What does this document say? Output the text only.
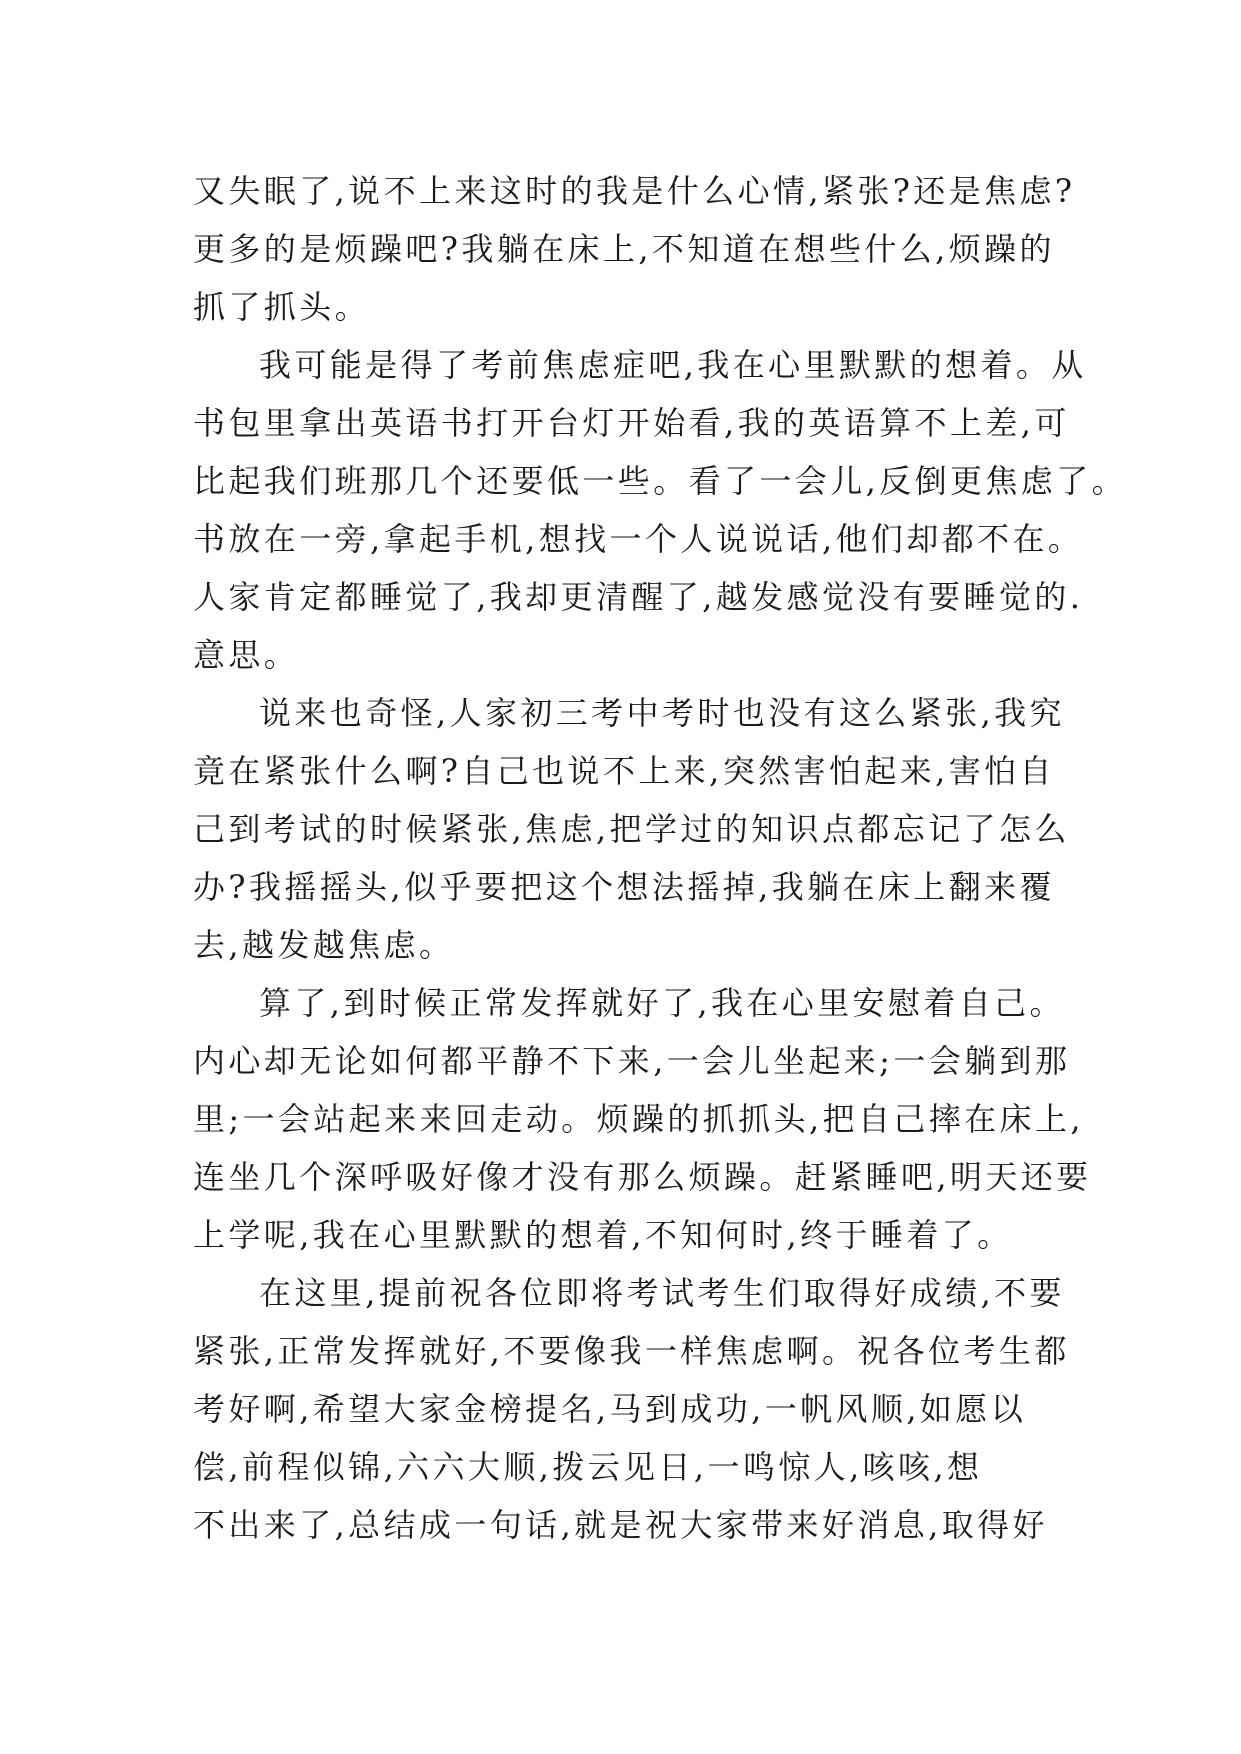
又失眠了,说不上来这时的我是什么心情,紧张?还是焦虑?
更多的是烦躁吧?我躺在床上,不知道在想些什么,烦躁的
抓了抓头。

我可能是得了考前焦虑症吧,我在心里默默的想着。从
书包里拿出英语书打开台灯开始看,我的英语算不上差,可
比起我们班那几个还要低一些。看了一会儿,反倒更焦虑了。
书放在一旁,拿起手机,想找一个人说说话,他们却都不在。
人家肯定都睡觉了,我却更清醒了,越发感觉没有要睡觉的.
意思。

说来也奇怪,人家初三考中考时也没有这么紧张,我究
竟在紧张什么啊?自己也说不上来,突然害怕起来,害怕自
己到考试的时候紧张,焦虑,把学过的知识点都忘记了怎么
办?我摇摇头,似乎要把这个想法摇掉,我躺在床上翻来覆
去,越发越焦虑。

算了,到时候正常发挥就好了,我在心里安慰着自己。
内心却无论如何都平静不下来,一会儿坐起来;一会躺到那
里;一会站起来来回走动。烦躁的抓抓头,把自己摔在床上,
连坐几个深呼吸好像才没有那么烦躁。赶紧睡吧,明天还要
上学呢,我在心里默默的想着,不知何时,终于睡着了。

在这里,提前祝各位即将考试考生们取得好成绩,不要
紧张,正常发挥就好,不要像我一样焦虑啊。祝各位考生都
考好啊,希望大家金榜提名,马到成功,一帆风顺,如愿以
偿,前程似锦,六六大顺,拨云见日,一鸣惊人,咳咳,想
不出来了,总结成一句话,就是祝大家带来好消息,取得好
